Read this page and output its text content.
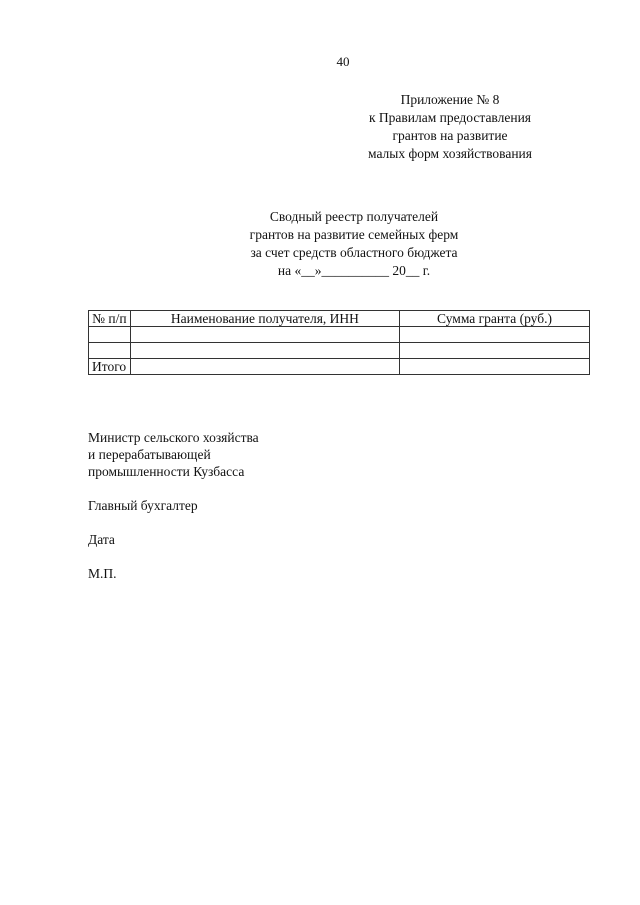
40
Приложение № 8
к Правилам предоставления
грантов на развитие
малых форм хозяйствования
Сводный реестр получателей
грантов на развитие семейных ферм
за счет средств областного бюджета
на «__»__________ 20__ г.
№ п/п	Наименование получателя, ИНН	Сумма гранта (руб.)

Итого		
Министр сельского хозяйства
и перерабатывающей
промышленности Кузбасса
Главный бухгалтер
Дата
М.П.
